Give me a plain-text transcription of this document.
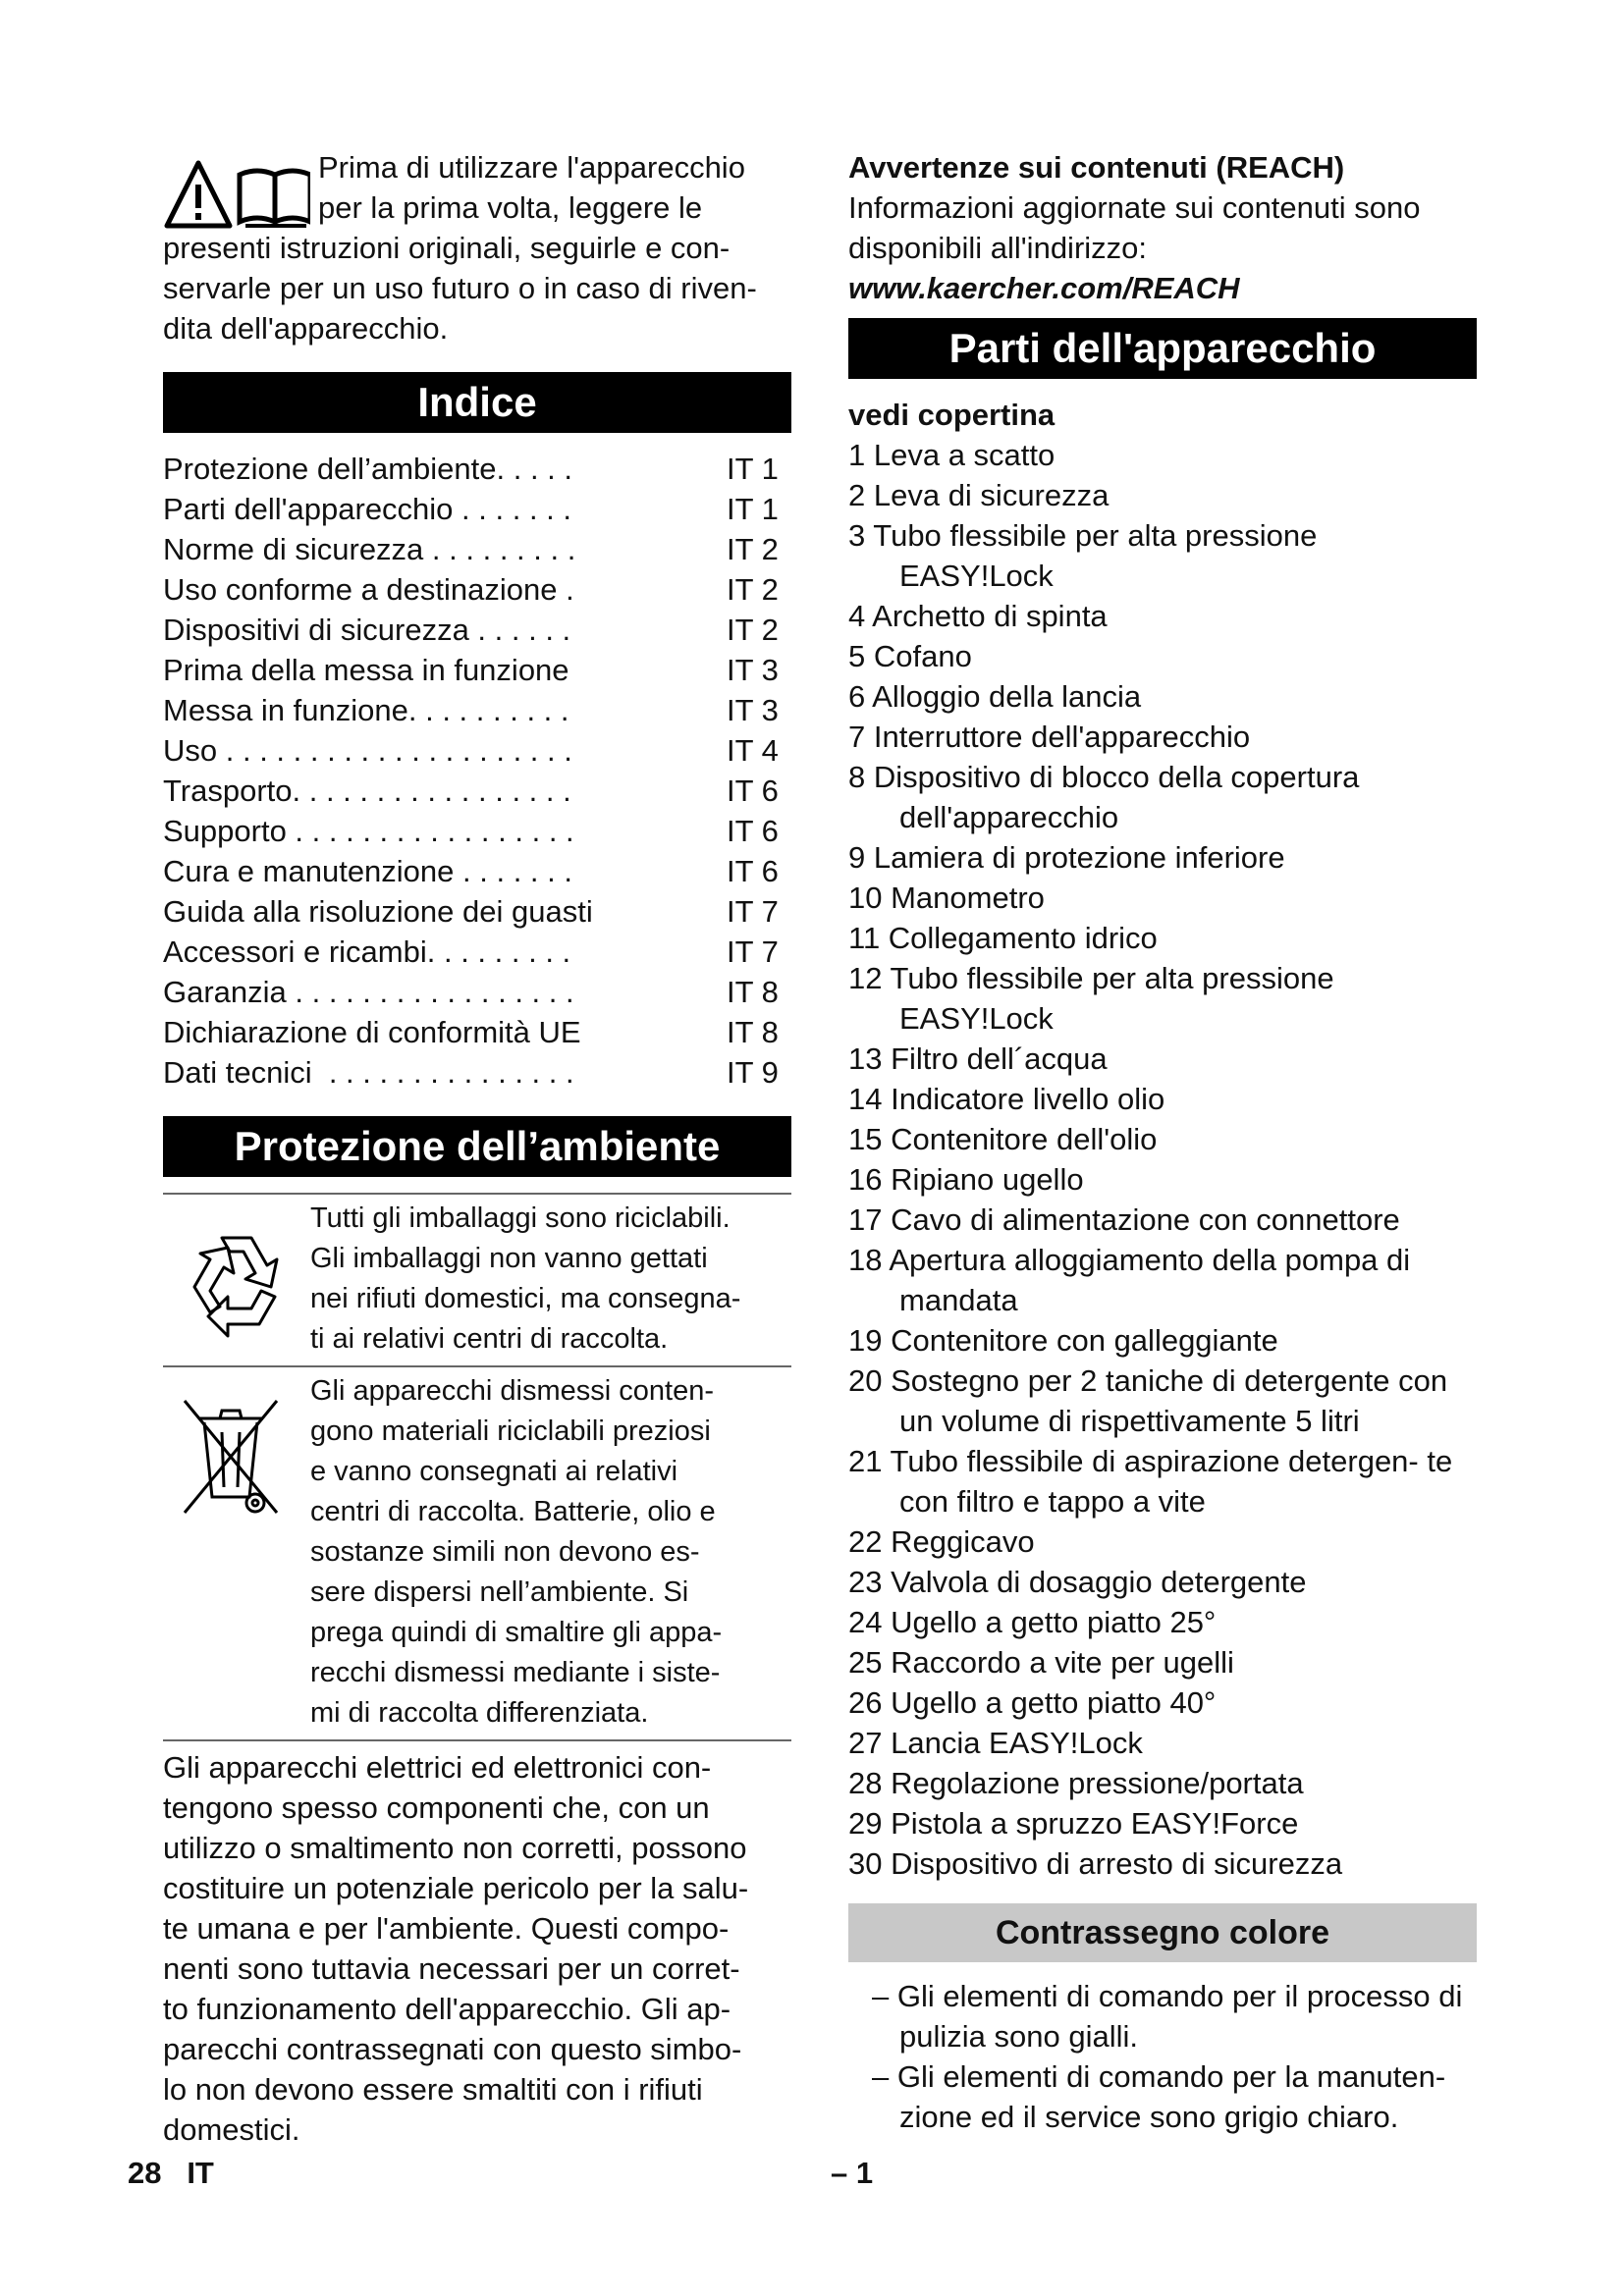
Prima di utilizzare l'apparecchio
per la prima volta, leggere le
presenti istruzioni originali, seguirle e con-
servarle per un uso futuro o in caso di riven-
dita dell'apparecchio.
Indice
Protezione dell’ambiente. . . . .	IT 1
Parti dell'apparecchio . . . . . . .	IT 1
Norme di sicurezza . . . . . . . . .	IT 2
Uso conforme a destinazione .	IT 2
Dispositivi di sicurezza . . . . . .	IT 2
Prima della messa in funzione	IT 3
Messa in funzione. . . . . . . . . .	IT 3
Uso . . . . . . . . . . . . . . . . . . . . .	IT 4
Trasporto. . . . . . . . . . . . . . . . .	IT 6
Supporto . . . . . . . . . . . . . . . . .	IT 6
Cura e manutenzione . . . . . . .	IT 6
Guida alla risoluzione dei guasti	IT 7
Accessori e ricambi. . . . . . . . .	IT 7
Garanzia . . . . . . . . . . . . . . . . .	IT 8
Dichiarazione di conformità UE	IT 8
Dati tecnici  . . . . . . . . . . . . . . .	IT 9
Protezione dell’ambiente
Tutti gli imballaggi sono riciclabili.
Gli imballaggi non vanno gettati
nei rifiuti domestici, ma consegna-
ti ai relativi centri di raccolta.
Gli apparecchi dismessi conten-
gono materiali riciclabili preziosi
e vanno consegnati ai relativi
centri di raccolta. Batterie, olio e
sostanze simili non devono es-
sere dispersi nell’ambiente. Si
prega quindi di smaltire gli appa-
recchi dismessi mediante i siste-
mi di raccolta differenziata.
Gli apparecchi elettrici ed elettronici con-
tengono spesso componenti che, con un
utilizzo o smaltimento non corretti, possono
costituire un potenziale pericolo per la salu-
te umana e per l'ambiente. Questi compo-
nenti sono tuttavia necessari per un corret-
to funzionamento dell'apparecchio. Gli ap-
parecchi contrassegnati con questo simbo-
lo non devono essere smaltiti con i rifiuti
domestici.
Avvertenze sui contenuti (REACH)
Informazioni aggiornate sui contenuti sono
disponibili all'indirizzo:
www.kaercher.com/REACH
Parti dell'apparecchio
vedi copertina
1 Leva a scatto
2 Leva di sicurezza
3 Tubo flessibile per alta pressione EASY!Lock
4 Archetto di spinta
5 Cofano
6 Alloggio della lancia
7 Interruttore dell'apparecchio
8 Dispositivo di blocco della copertura dell'apparecchio
9 Lamiera di protezione inferiore
10 Manometro
11 Collegamento idrico
12 Tubo flessibile per alta pressione EASY!Lock
13 Filtro dell´acqua
14 Indicatore livello olio
15 Contenitore dell'olio
16 Ripiano ugello
17 Cavo di alimentazione con connettore
18 Apertura alloggiamento della pompa di mandata
19 Contenitore con galleggiante
20 Sostegno per 2 taniche di detergente con un volume di rispettivamente 5 litri
21 Tubo flessibile di aspirazione detergen- te con filtro e tappo a vite
22 Reggicavo
23 Valvola di dosaggio detergente
24 Ugello a getto piatto 25°
25 Raccordo a vite per ugelli
26 Ugello a getto piatto 40°
27 Lancia EASY!Lock
28 Regolazione pressione/portata
29 Pistola a spruzzo EASY!Force
30 Dispositivo di arresto di sicurezza
Contrassegno colore
– Gli elementi di comando per il processo di pulizia sono gialli.
– Gli elementi di comando per la manuten- zione ed il service sono grigio chiaro.
28   IT	– 1
